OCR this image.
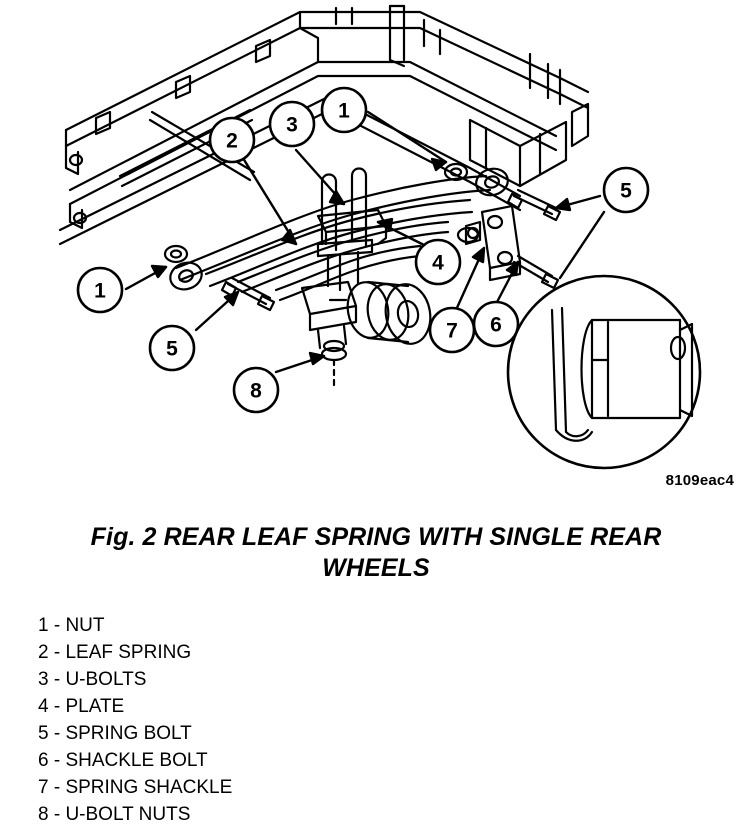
1
1
2
3
4
5
5
6
7
8
8109eac4
Fig. 2 REAR LEAF SPRING WITH SINGLE REAR
WHEELS
1 - NUT
2 - LEAF SPRING
3 - U-BOLTS
4 - PLATE
5 - SPRING BOLT
6 - SHACKLE BOLT
7 - SPRING SHACKLE
8 - U-BOLT NUTS
